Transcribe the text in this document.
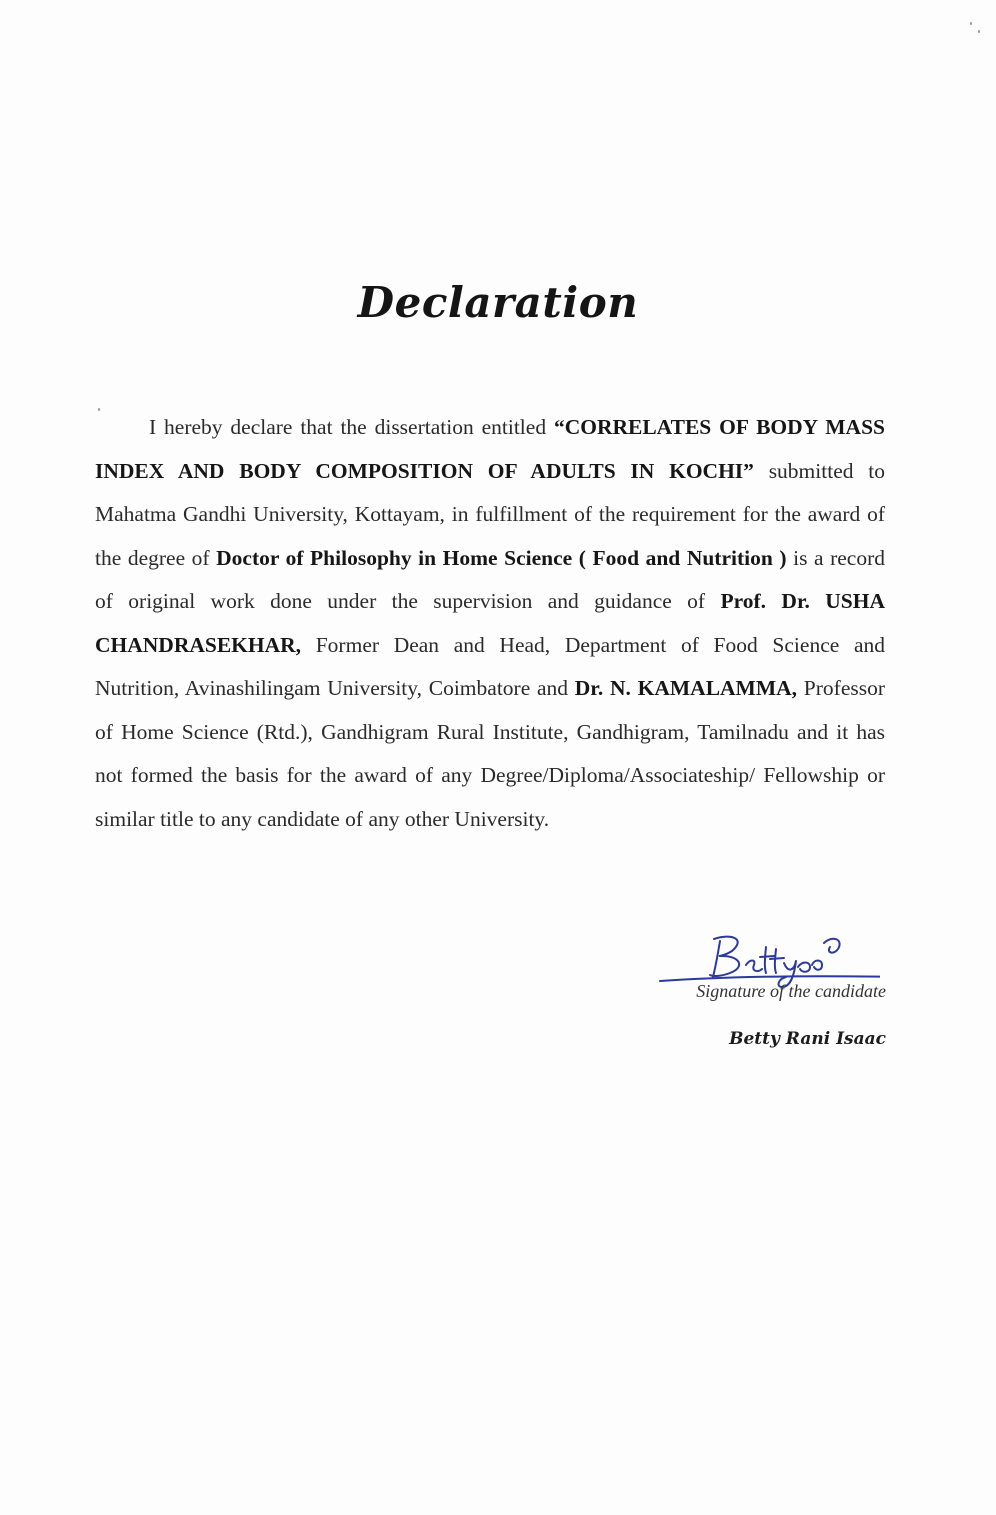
Declaration
I hereby declare that the dissertation entitled “CORRELATES OF BODY MASS INDEX AND BODY COMPOSITION OF ADULTS IN KOCHI” submitted to Mahatma Gandhi University, Kottayam, in fulfillment of the requirement for the award of the degree of Doctor of Philosophy in Home Science ( Food and Nutrition ) is a record of original work done under the supervision and guidance of Prof. Dr. USHA CHANDRASEKHAR, Former Dean and Head, Department of Food Science and Nutrition, Avinashilingam University, Coimbatore and Dr. N. KAMALAMMA, Professor of Home Science (Rtd.), Gandhigram Rural Institute, Gandhigram, Tamilnadu and it has not formed the basis for the award of any Degree/Diploma/Associateship/ Fellowship or similar title to any candidate of any other University.
Signature of the candidate
Betty Rani Isaac
